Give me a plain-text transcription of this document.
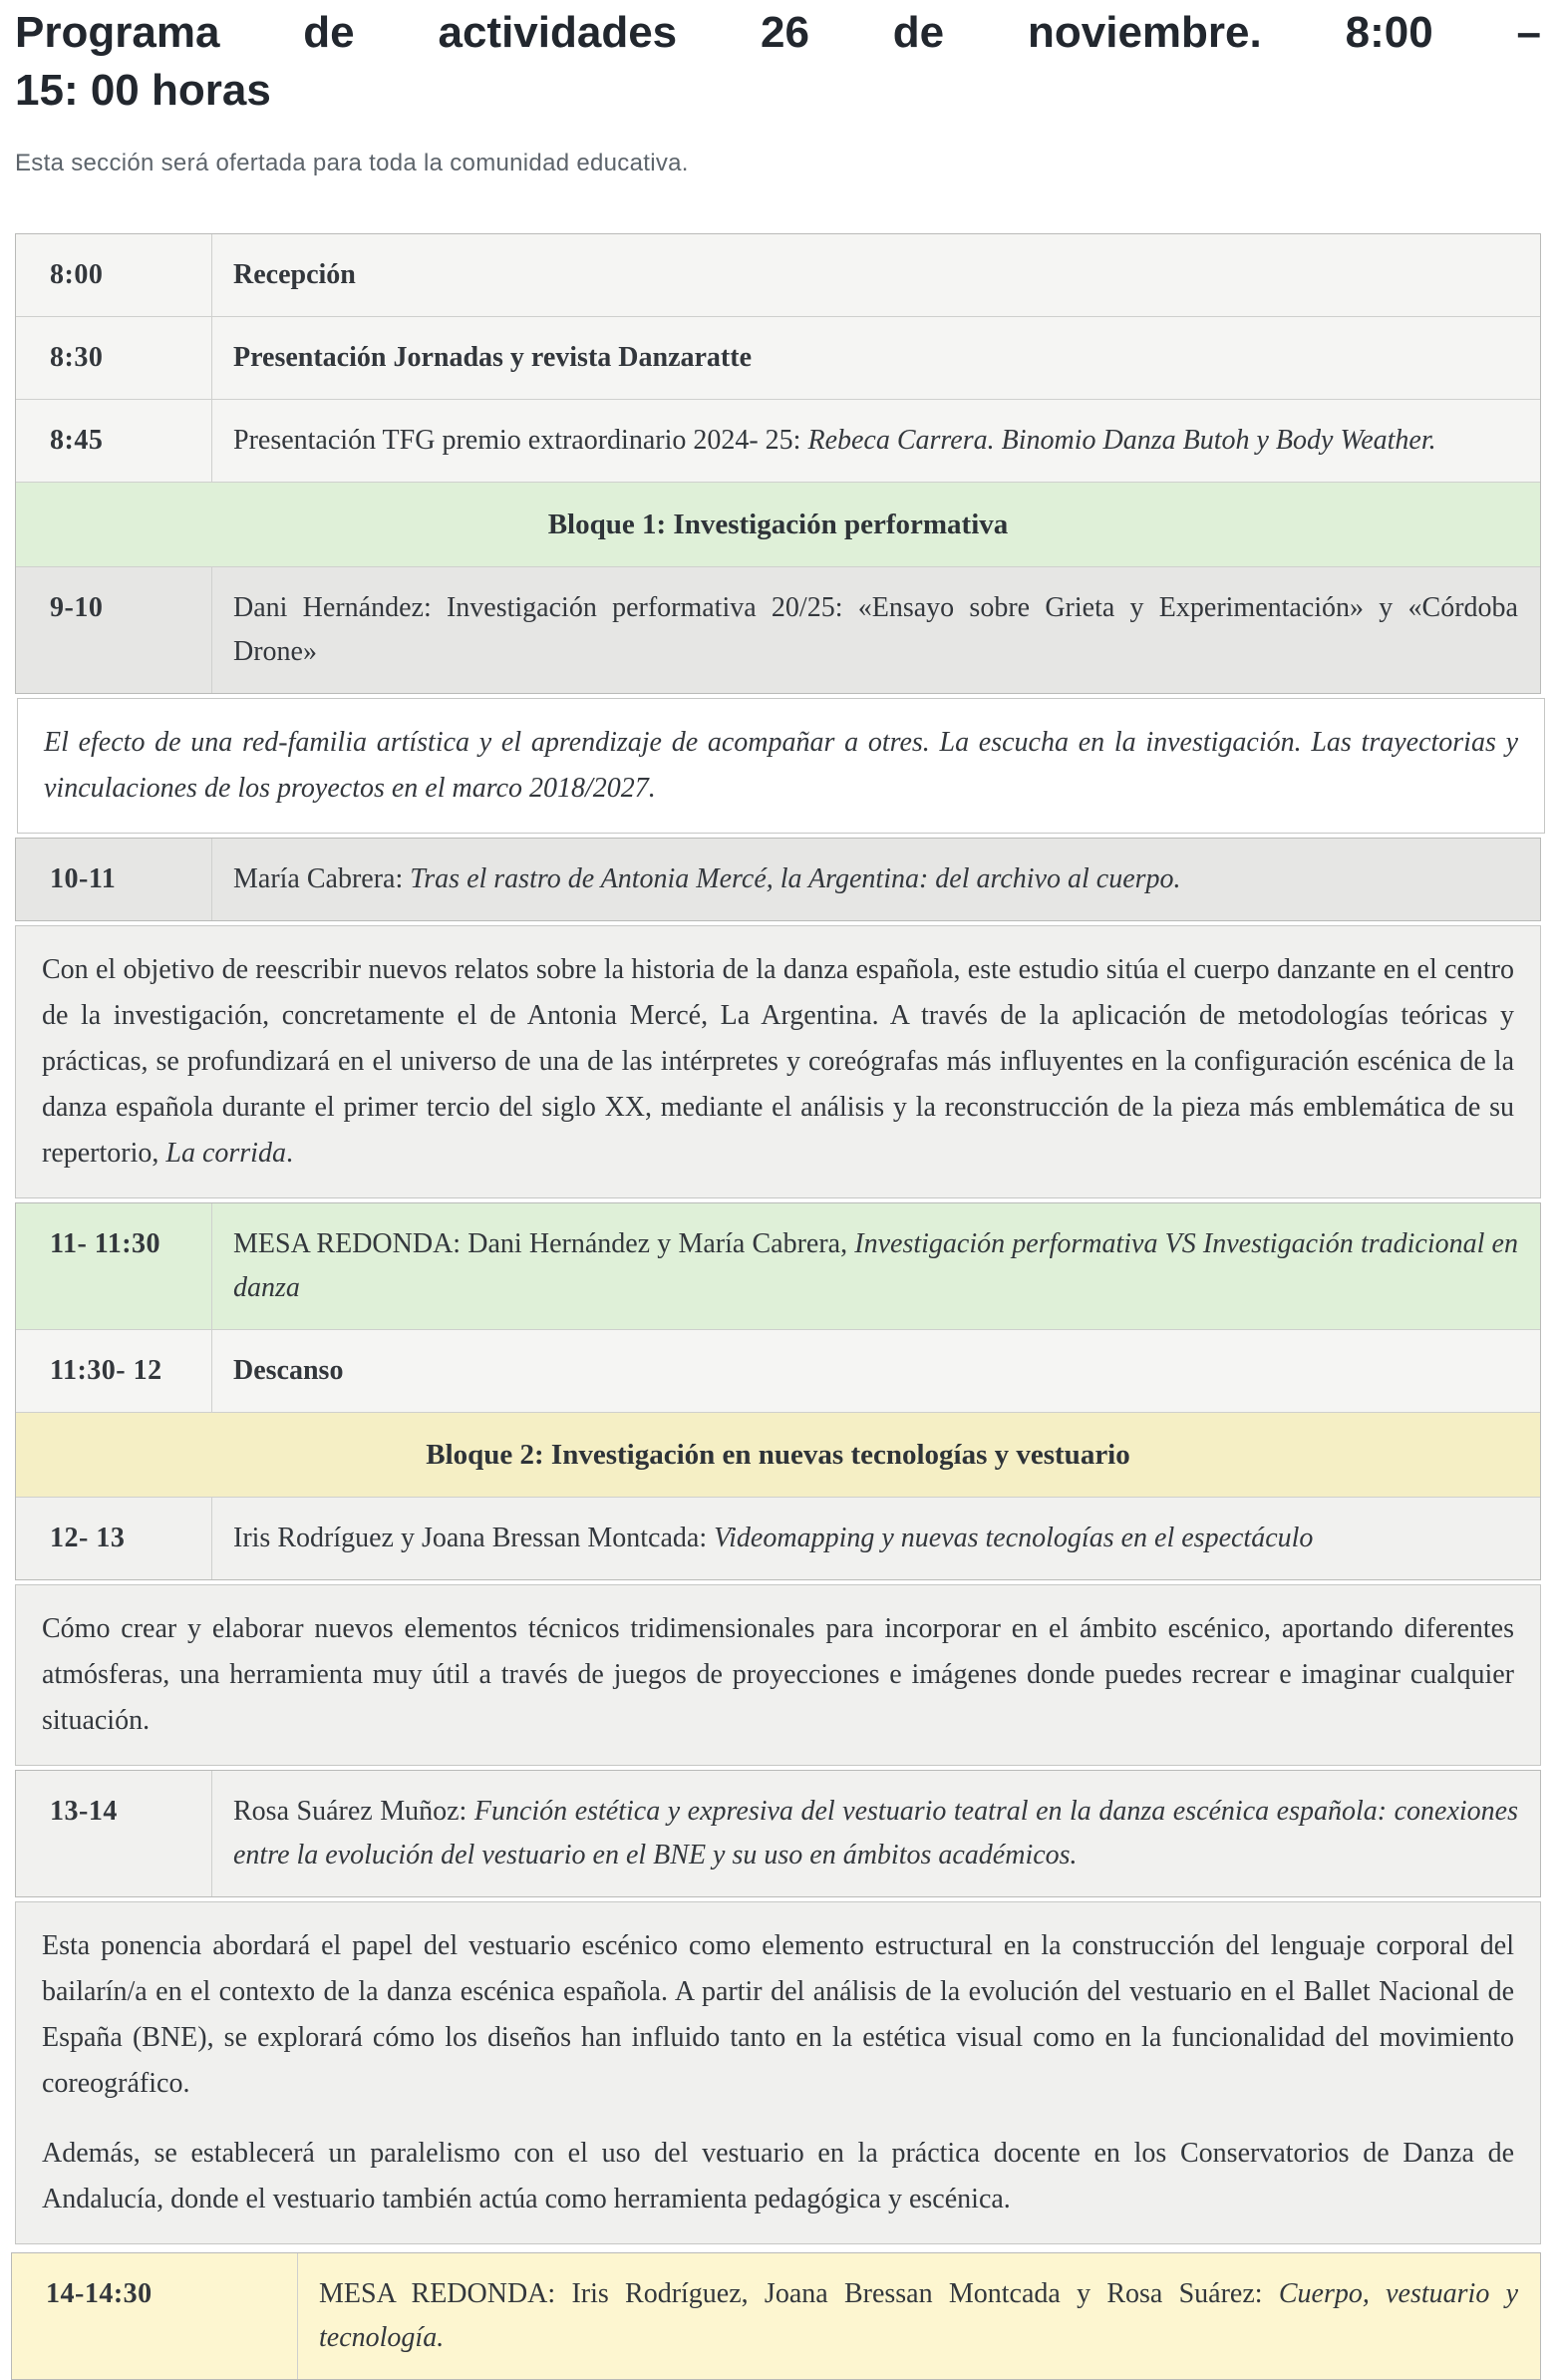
Programa de actividades 26 de noviembre. 8:00 –
15: 00 horas

Esta sección será ofertada para toda la comunidad educativa.

8:00	Recepción
8:30	Presentación Jornadas y revista Danzaratte
8:45	Presentación TFG premio extraordinario 2024- 25: Rebeca Carrera. Binomio Danza Butoh y Body Weather.
Bloque 1: Investigación performativa
9-10	Dani Hernández: Investigación performativa 20/25: «Ensayo sobre Grieta y Experimentación» y «Córdoba Drone»
El efecto de una red-familia artística y el aprendizaje de acompañar a otres. La escucha en la investigación. Las trayectorias y vinculaciones de los proyectos en el marco 2018/2027.
10-11	María Cabrera: Tras el rastro de Antonia Mercé, la Argentina: del archivo al cuerpo.
Con el objetivo de reescribir nuevos relatos sobre la historia de la danza española, este estudio sitúa el cuerpo danzante en el centro de la investigación, concretamente el de Antonia Mercé, La Argentina. A través de la aplicación de metodologías teóricas y prácticas, se profundizará en el universo de una de las intérpretes y coreógrafas más influyentes en la configuración escénica de la danza española durante el primer tercio del siglo XX, mediante el análisis y la reconstrucción de la pieza más emblemática de su repertorio, La corrida.
11- 11:30	MESA REDONDA: Dani Hernández y María Cabrera, Investigación performativa VS Investigación tradicional en danza
11:30- 12	Descanso
Bloque 2: Investigación en nuevas tecnologías y vestuario
12- 13	Iris Rodríguez y Joana Bressan Montcada: Videomapping y nuevas tecnologías en el espectáculo
Cómo crear y elaborar nuevos elementos técnicos tridimensionales para incorporar en el ámbito escénico, aportando diferentes atmósferas, una herramienta muy útil a través de juegos de proyecciones e imágenes donde puedes recrear e imaginar cualquier situación.
13-14	Rosa Suárez Muñoz: Función estética y expresiva del vestuario teatral en la danza escénica española: conexiones entre la evolución del vestuario en el BNE y su uso en ámbitos académicos.

Esta ponencia abordará el papel del vestuario escénico como elemento estructural en la construcción del lenguaje corporal del bailarín/a en el contexto de la danza escénica española. A partir del análisis de la evolución del vestuario en el Ballet Nacional de España (BNE), se explorará cómo los diseños han influido tanto en la estética visual como en la funcionalidad del movimiento coreográfico.

Además, se establecerá un paralelismo con el uso del vestuario en la práctica docente en los Conservatorios de Danza de Andalucía, donde el vestuario también actúa como herramienta pedagógica y escénica.

14-14:30	MESA REDONDA: Iris Rodríguez, Joana Bressan Montcada y Rosa Suárez: Cuerpo, vestuario y tecnología.
